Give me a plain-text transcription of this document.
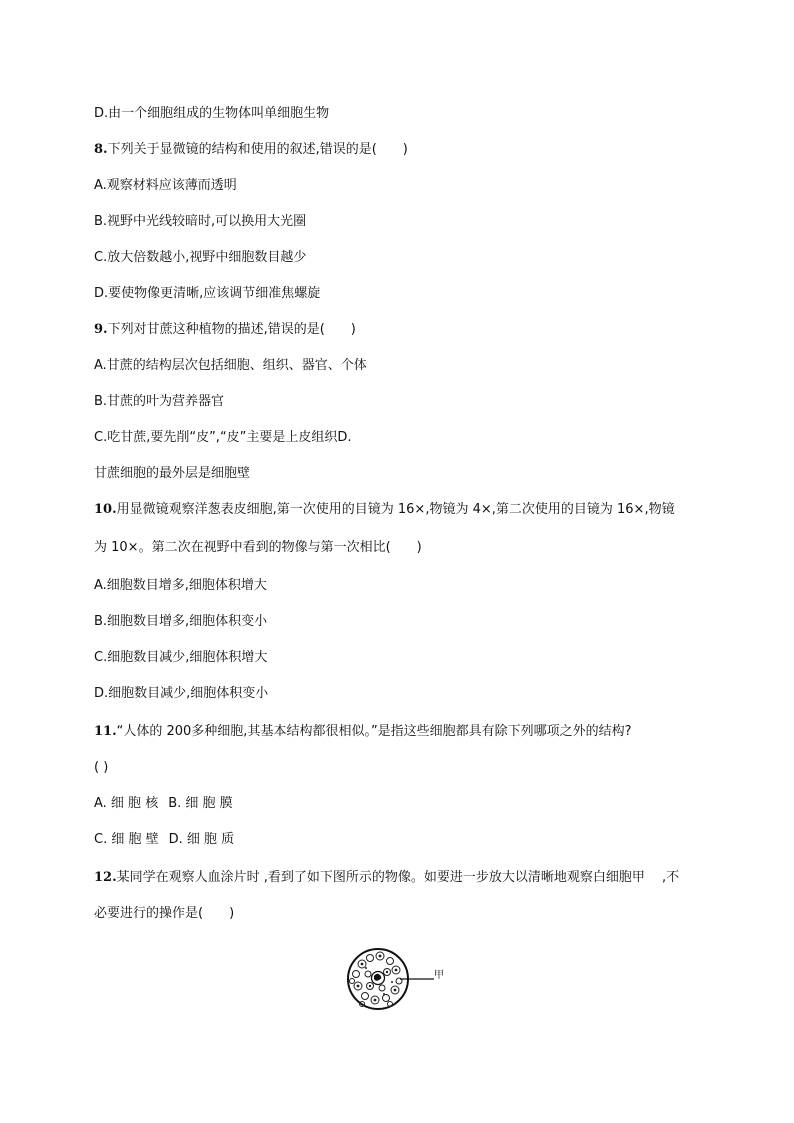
D.由一个细胞组成的生物体叫单细胞生物
8.下列关于显微镜的结构和使用的叙述,错误的是(　　)
A.观察材料应该薄而透明
B.视野中光线较暗时,可以换用大光圈
C.放大倍数越小,视野中细胞数目越少
D.要使物像更清晰,应该调节细准焦螺旋
9.下列对甘蔗这种植物的描述,错误的是(　　)
A.甘蔗的结构层次包括细胞、组织、器官、个体
B.甘蔗的叶为营养器官
C.吃甘蔗,要先削“皮”,“皮”主要是上皮组织D.
甘蔗细胞的最外层是细胞壁
10.用显微镜观察洋葱表皮细胞,第一次使用的目镜为 16×,物镜为 4×,第二次使用的目镜为 16×,物镜
为 10×。第二次在视野中看到的物像与第一次相比(　　)
A.细胞数目增多,细胞体积增大
B.细胞数目增多,细胞体积变小
C.细胞数目减少,细胞体积增大
D.细胞数目减少,细胞体积变小
11.“人体的 200多种细胞,其基本结构都很相似。”是指这些细胞都具有除下列哪项之外的结构?
( )
A. 细 胞 核 B. 细 胞 膜
C. 细 胞 壁 D. 细 胞 质
12.某同学在观察人血涂片时 ,看到了如下图所示的物像。如要进一步放大以清晰地观察白细胞甲　 ,不
必要进行的操作是(　　)
甲
